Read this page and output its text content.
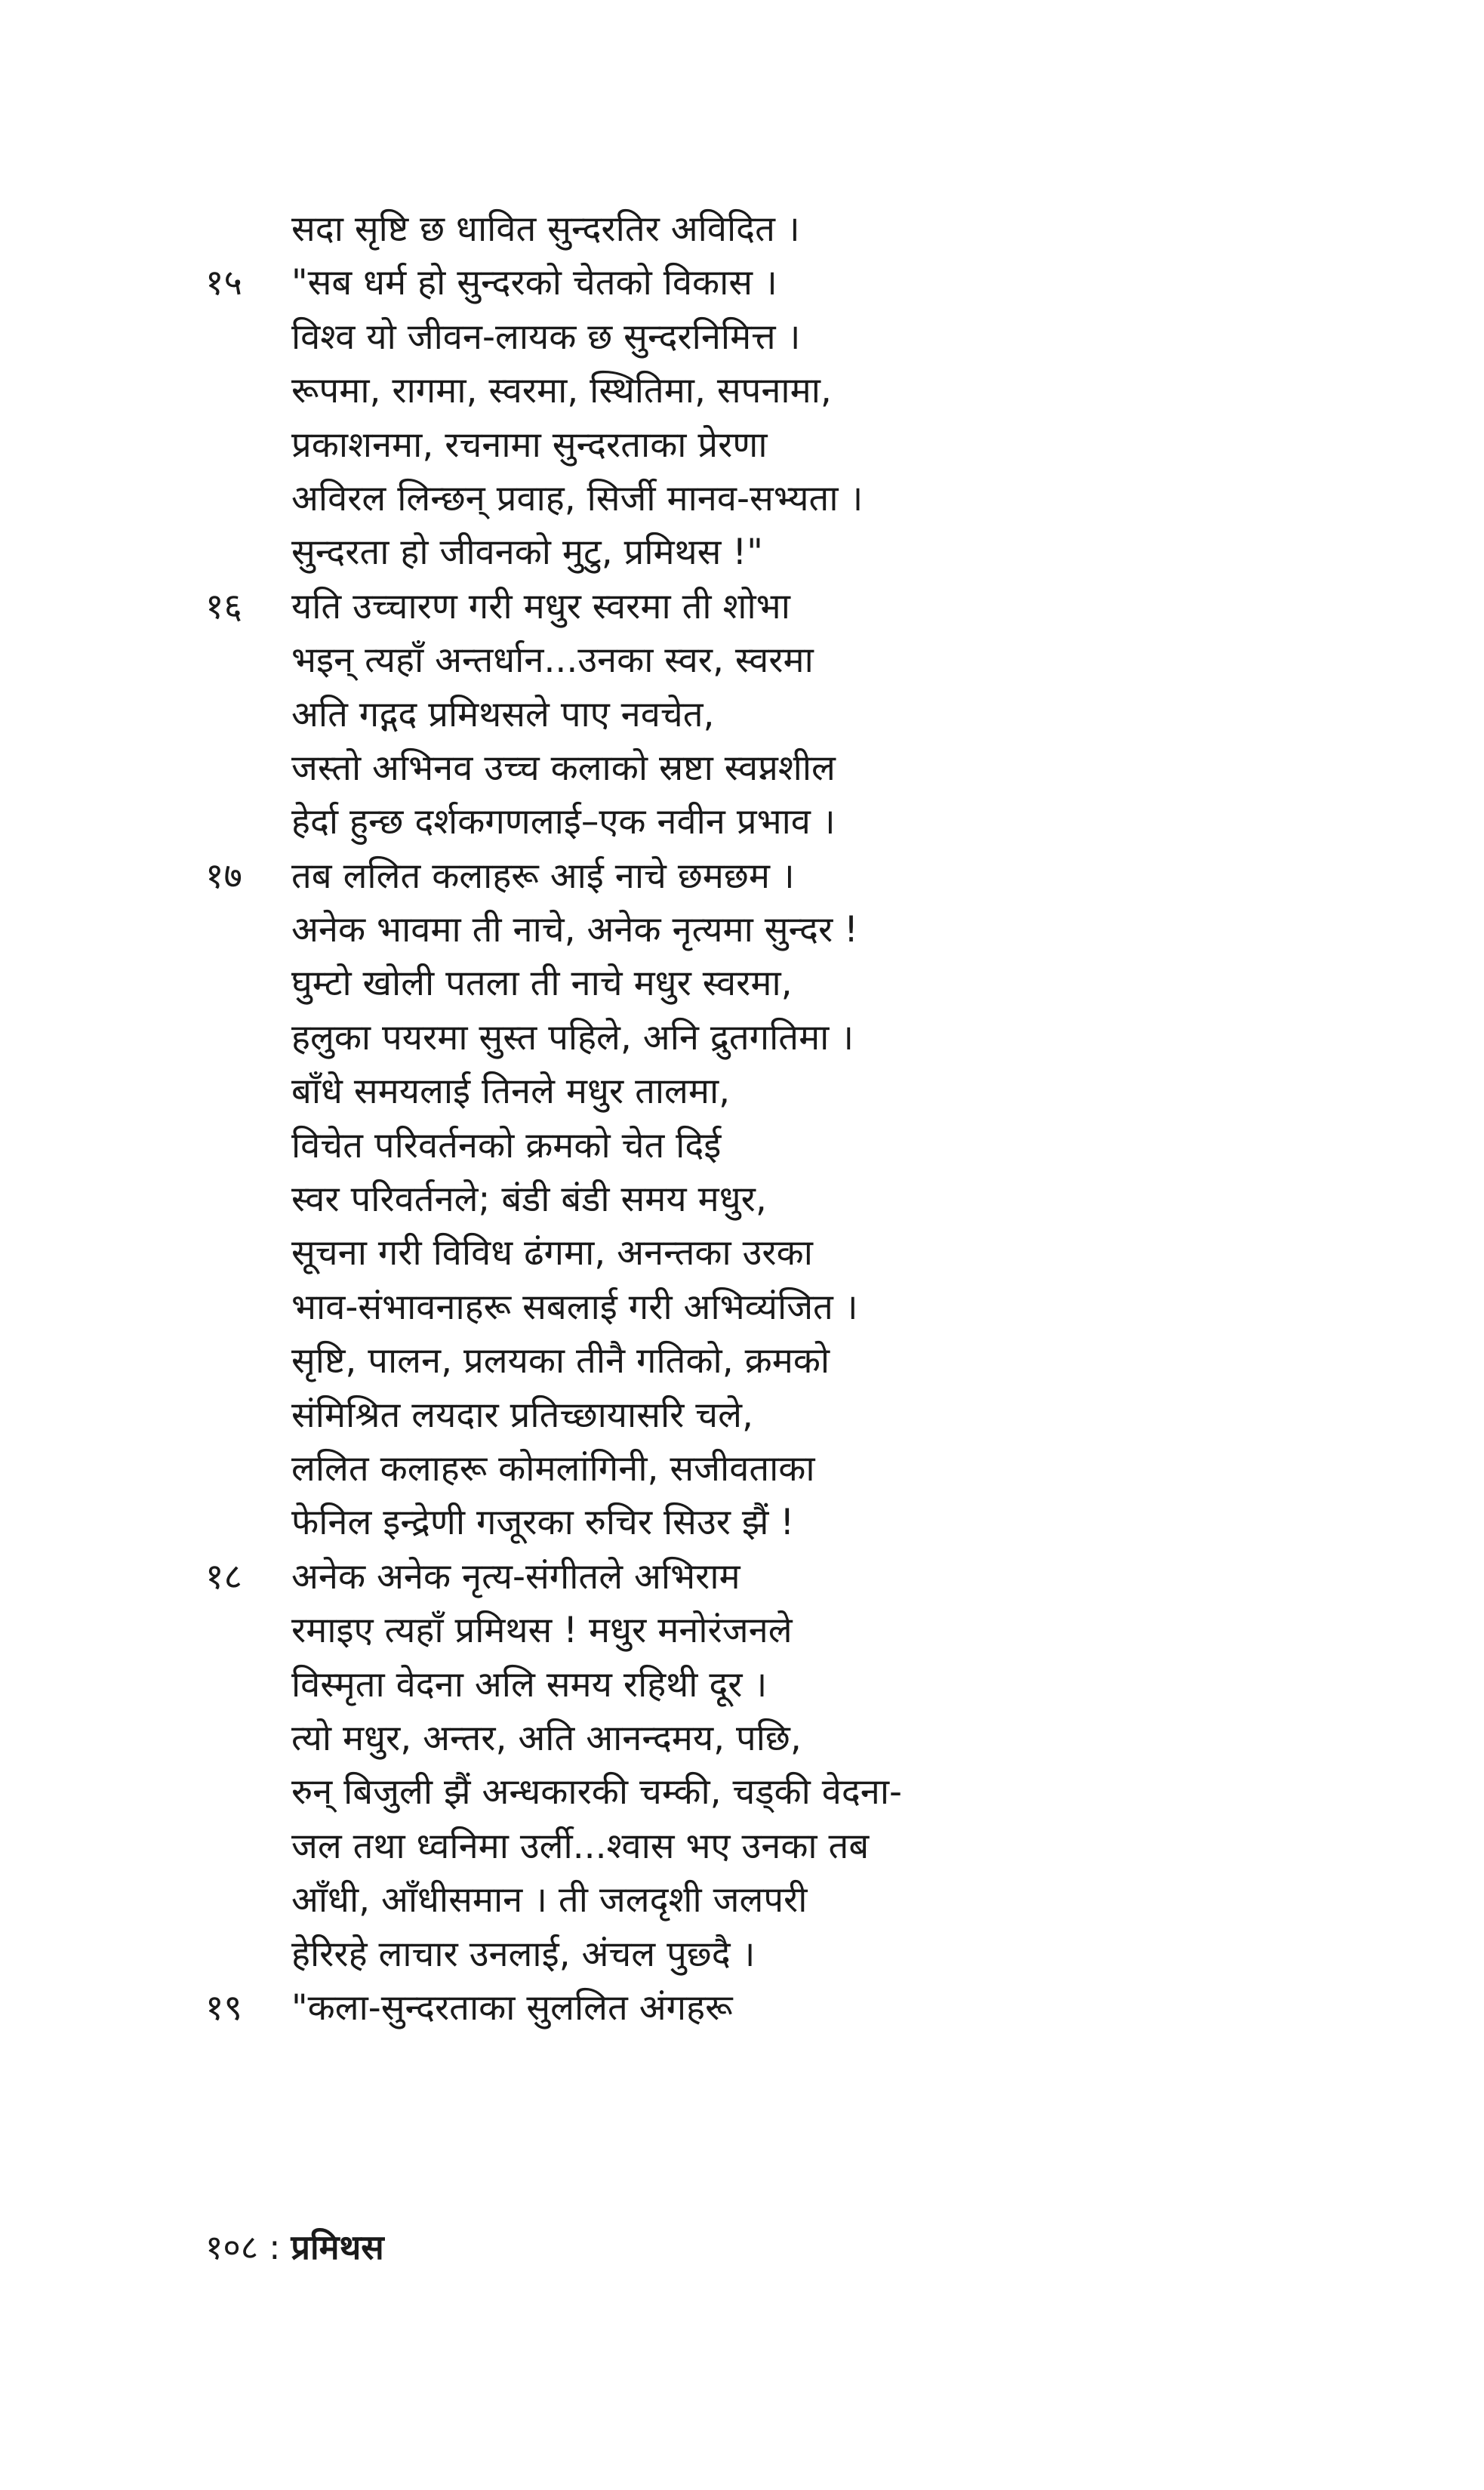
सदा सृष्टि छ धावित सुन्दरतिर अविदित ।
१५ "सब धर्म हो सुन्दरको चेतको विकास ।
विश्व यो जीवन-लायक छ सुन्दरनिमित्त ।
रूपमा, रागमा, स्वरमा, स्थितिमा, सपनामा,
प्रकाशनमा, रचनामा सुन्दरताका प्रेरणा
अविरल लिन्छन् प्रवाह, सिर्जी मानव-सभ्यता ।
सुन्दरता हो जीवनको मुटु, प्रमिथस !"
१६ यति उच्चारण गरी मधुर स्वरमा ती शोभा
भइन् त्यहाँ अन्तर्धान...उनका स्वर, स्वरमा
अति गद्गद प्रमिथसले पाए नवचेत,
जस्तो अभिनव उच्च कलाको स्रष्टा स्वप्नशील
हेर्दा हुन्छ दर्शकगणलाई–एक नवीन प्रभाव ।
१७ तब ललित कलाहरू आई नाचे छमछम ।
अनेक भावमा ती नाचे, अनेक नृत्यमा सुन्दर !
घुम्टो खोली पतला ती नाचे मधुर स्वरमा,
हलुका पयरमा सुस्त पहिले, अनि द्रुतगतिमा ।
बाँधे समयलाई तिनले मधुर तालमा,
विचेत परिवर्तनको क्रमको चेत दिई
स्वर परिवर्तनले; बंडी बंडी समय मधुर,
सूचना गरी विविध ढंगमा, अनन्तका उरका
भाव-संभावनाहरू सबलाई गरी अभिव्यंजित ।
सृष्टि, पालन, प्रलयका तीनै गतिको, क्रमको
संमिश्रित लयदार प्रतिच्छायासरि चले,
ललित कलाहरू कोमलांगिनी, सजीवताका
फेनिल इन्द्रेणी गजूरका रुचिर सिउर झैं !
१८ अनेक अनेक नृत्य-संगीतले अभिराम
रमाइए त्यहाँ प्रमिथस ! मधुर मनोरंजनले
विस्मृता वेदना अलि समय रहिथी दूर ।
त्यो मधुर, अन्तर, अति आनन्दमय, पछि,
रुन् बिजुली झैं अन्धकारकी चम्की, चड्की वेदना-
जल तथा ध्वनिमा उर्ली...श्वास भए उनका तब
आँधी, आँधीसमान । ती जलदृशी जलपरी
हेरिरहे लाचार उनलाई, अंचल पुछ्दै ।
१९ "कला-सुन्दरताका सुललित अंगहरू
१०८ : प्रमिथस
